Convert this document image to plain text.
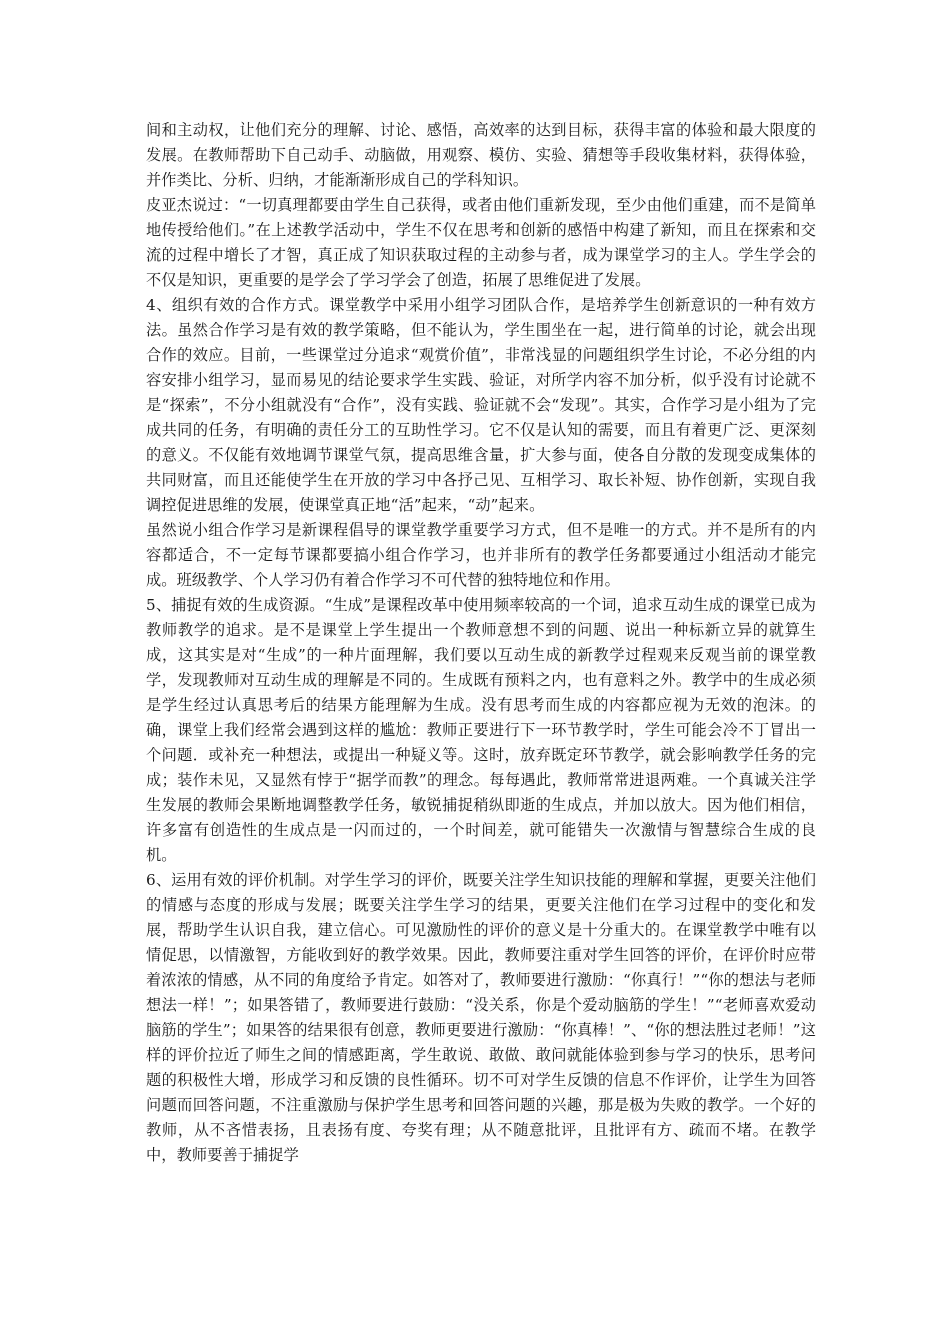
间和主动权，让他们充分的理解、讨论、感悟，高效率的达到目标，获得丰富的体验和最大限度的发展。在教师帮助下自己动手、动脑做，用观察、模仿、实验、猜想等手段收集材料，获得体验，并作类比、分析、归纳，才能渐渐形成自己的学科知识。

皮亚杰说过：“一切真理都要由学生自己获得，或者由他们重新发现，至少由他们重建，而不是简单地传授给他们。”在上述教学活动中，学生不仅在思考和创新的感悟中构建了新知，而且在探索和交流的过程中增长了才智，真正成了知识获取过程的主动参与者，成为课堂学习的主人。学生学会的不仅是知识，更重要的是学会了学习学会了创造，拓展了思维促进了发展。

4、组织有效的合作方式。课堂教学中采用小组学习团队合作，是培养学生创新意识的一种有效方法。虽然合作学习是有效的教学策略，但不能认为，学生围坐在一起，进行简单的讨论，就会出现合作的效应。目前，一些课堂过分追求“观赏价值”，非常浅显的问题组织学生讨论，不必分组的内容安排小组学习，显而易见的结论要求学生实践、验证，对所学内容不加分析，似乎没有讨论就不是“探索”，不分小组就没有“合作”，没有实践、验证就不会“发现”。其实，合作学习是小组为了完成共同的任务，有明确的责任分工的互助性学习。它不仅是认知的需要，而且有着更广泛、更深刻的意义。不仅能有效地调节课堂气氛，提高思维含量，扩大参与面，使各自分散的发现变成集体的共同财富，而且还能使学生在开放的学习中各抒己见、互相学习、取长补短、协作创新，实现自我调控促进思维的发展，使课堂真正地“活”起来，“动”起来。

虽然说小组合作学习是新课程倡导的课堂教学重要学习方式，但不是唯一的方式。并不是所有的内容都适合，不一定每节课都要搞小组合作学习，也并非所有的教学任务都要通过小组活动才能完成。班级教学、个人学习仍有着合作学习不可代替的独特地位和作用。

5、捕捉有效的生成资源。“生成”是课程改革中使用频率较高的一个词，追求互动生成的课堂已成为教师教学的追求。是不是课堂上学生提出一个教师意想不到的问题、说出一种标新立异的就算生成，这其实是对“生成”的一种片面理解，我们要以互动生成的新教学过程观来反观当前的课堂教学，发现教师对互动生成的理解是不同的。生成既有预料之内，也有意料之外。教学中的生成必须是学生经过认真思考后的结果方能理解为生成。没有思考而生成的内容都应视为无效的泡沫。的确，课堂上我们经常会遇到这样的尴尬：教师正要进行下一环节教学时，学生可能会冷不丁冒出一个问题．或补充一种想法，或提出一种疑义等。这时，放弃既定环节教学，就会影响教学任务的完成；装作未见，又显然有悖于“据学而教”的理念。每每遇此，教师常常进退两难。一个真诚关注学生发展的教师会果断地调整教学任务，敏锐捕捉稍纵即逝的生成点，并加以放大。因为他们相信，许多富有创造性的生成点是一闪而过的，一个时间差，就可能错失一次激情与智慧综合生成的良机。

6、运用有效的评价机制。对学生学习的评价，既要关注学生知识技能的理解和掌握，更要关注他们的情感与态度的形成与发展；既要关注学生学习的结果，更要关注他们在学习过程中的变化和发展，帮助学生认识自我，建立信心。可见激励性的评价的意义是十分重大的。在课堂教学中唯有以情促思，以情激智，方能收到好的教学效果。因此，教师要注重对学生回答的评价，在评价时应带着浓浓的情感，从不同的角度给予肯定。如答对了，教师要进行激励：“你真行！”“你的想法与老师想法一样！”；如果答错了，教师要进行鼓励：“没关系，你是个爱动脑筋的学生！”“老师喜欢爱动脑筋的学生”；如果答的结果很有创意，教师更要进行激励：“你真棒！”、“你的想法胜过老师！”这样的评价拉近了师生之间的情感距离，学生敢说、敢做、敢问就能体验到参与学习的快乐，思考问题的积极性大增，形成学习和反馈的良性循环。切不可对学生反馈的信息不作评价，让学生为回答问题而回答问题，不注重激励与保护学生思考和回答问题的兴趣，那是极为失败的教学。一个好的教师，从不吝惜表扬，且表扬有度、夸奖有理；从不随意批评，且批评有方、疏而不堵。在教学中，教师要善于捕捉学
